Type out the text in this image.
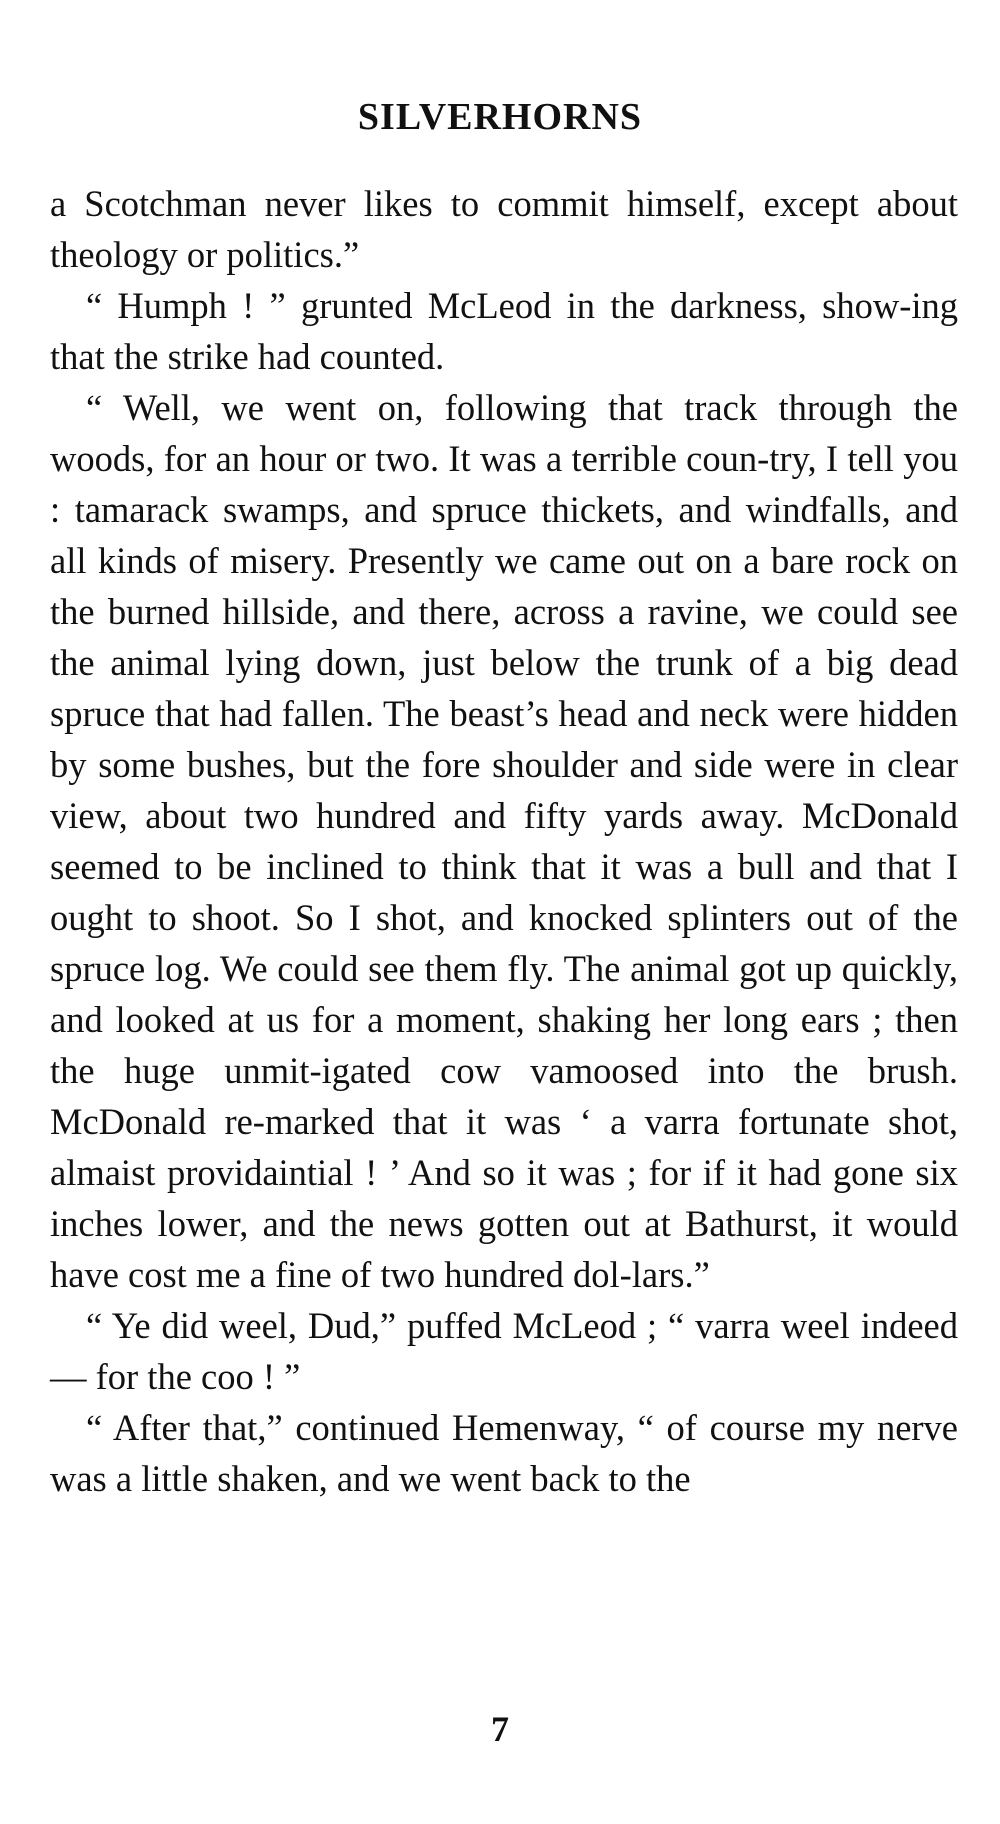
SILVERHORNS

a Scotchman never likes to commit himself, except about theology or politics.”

“ Humph ! ” grunted McLeod in the darkness, show-ing that the strike had counted.

“ Well, we went on, following that track through the woods, for an hour or two. It was a terrible coun-try, I tell you : tamarack swamps, and spruce thickets, and windfalls, and all kinds of misery. Presently we came out on a bare rock on the burned hillside, and there, across a ravine, we could see the animal lying down, just below the trunk of a big dead spruce that had fallen. The beast’s head and neck were hidden by some bushes, but the fore shoulder and side were in clear view, about two hundred and fifty yards away. McDonald seemed to be inclined to think that it was a bull and that I ought to shoot. So I shot, and knocked splinters out of the spruce log. We could see them fly. The animal got up quickly, and looked at us for a moment, shaking her long ears ; then the huge unmit-igated cow vamoosed into the brush. McDonald re-marked that it was ‘ a varra fortunate shot, almaist providaintial ! ’ And so it was ; for if it had gone six inches lower, and the news gotten out at Bathurst, it would have cost me a fine of two hundred dol-lars.”

“ Ye did weel, Dud,” puffed McLeod ; “ varra weel indeed — for the coo ! ”

“ After that,” continued Hemenway, “ of course my nerve was a little shaken, and we went back to the

7
